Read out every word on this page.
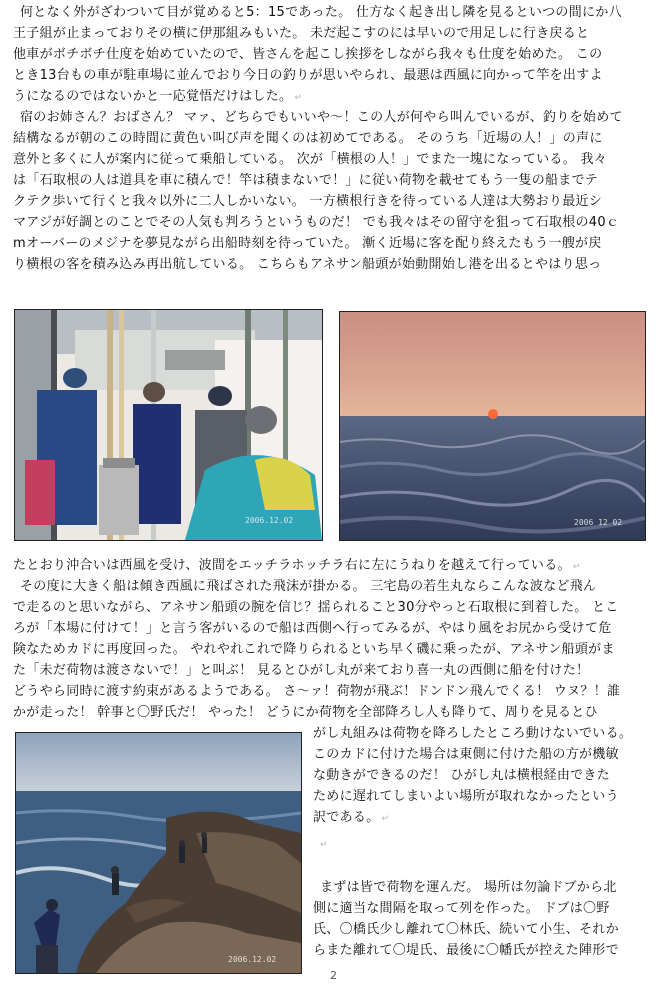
何となく外がざわついて目が覚めると5：15であった。 仕方なく起き出し隣を見るといつの間にか八
王子組が止まっておりその横に伊那組みもいた。 未だ起こすのには早いので用足しに行き戻ると
他車がボチボチ仕度を始めていたので、皆さんを起こし挨拶をしながら我々も仕度を始めた。 この
とき13台もの車が駐車場に並んでおり今日の釣りが思いやられ、最悪は西風に向かって竿を出すよ
うになるのではないかと一応覚悟だけはした。 ↵
宿のお姉さん？おばさん？ マァ、どちらでもいいや～！この人が何やら叫んでいるが、釣りを始めて
結構なるが朝のこの時間に黄色い叫び声を聞くのは初めてである。 そのうち「近場の人！」の声に
意外と多くに人が案内に従って乗船している。 次が「横根の人！」でまた一塊になっている。 我々
は「石取根の人は道具を車に積んで！竿は積まないで！」に従い荷物を載せてもう一隻の船までテ
クテク歩いて行くと我々以外に二人しかいない。 一方横根行きを待っている人達は大勢おり最近シ
マアジが好調とのことでその人気も判ろうというものだ！ でも我々はその留守を狙って石取根の40ｃ
mオーバーのメジナを夢見ながら出船時刻を待っていた。 漸く近場に客を配り終えたもう一艘が戻
り横根の客を積み込み再出航している。 こちらもアネサン船頭が始動開始し港を出るとやはり思っ
2006.12.02	2006 12 02
たとおり沖合いは西風を受け、波間をエッチラホッチラ右に左にうねりを越えて行っている。 ↵
その度に大きく船は傾き西風に飛ばされた飛沫が掛かる。 三宅島の若生丸ならこんな波など飛ん
で走るのと思いながら、アネサン船頭の腕を信じ？揺られること30分やっと石取根に到着した。 とこ
ろが「本場に付けて！」と言う客がいるので船は西側へ行ってみるが、やはり風をお尻から受けて危
険なためカドに再度回った。 やれやれこれで降りられるといち早く磯に乗ったが、アネサン船頭がま
た「未だ荷物は渡さないで！」と叫ぶ！ 見るとひがし丸が来ており喜一丸の西側に船を付けた！
どうやら同時に渡す約束があるようである。 さ～ァ！荷物が飛ぶ！ドンドン飛んでくる！ ウヌ？！誰
かが走った！ 幹事と〇野氏だ！ やった！ どうにか荷物を全部降ろし人も降りて、周りを見るとひ
2006.12.02
がし丸組みは荷物を降ろしたところ動けないでいる。
このカドに付けた場合は東側に付けた船の方が機敏
な動きができるのだ！ ひがし丸は横根経由できた
ために遅れてしまいよい場所が取れなかったという
訳である。 ↵
↵
まずは皆で荷物を運んだ。 場所は勿論ドブから北
側に適当な間隔を取って列を作った。 ドブは〇野
氏、〇橋氏少し離れて〇林氏、続いて小生、それか
らまた離れて〇堤氏、最後に〇幡氏が控えた陣形で
2
